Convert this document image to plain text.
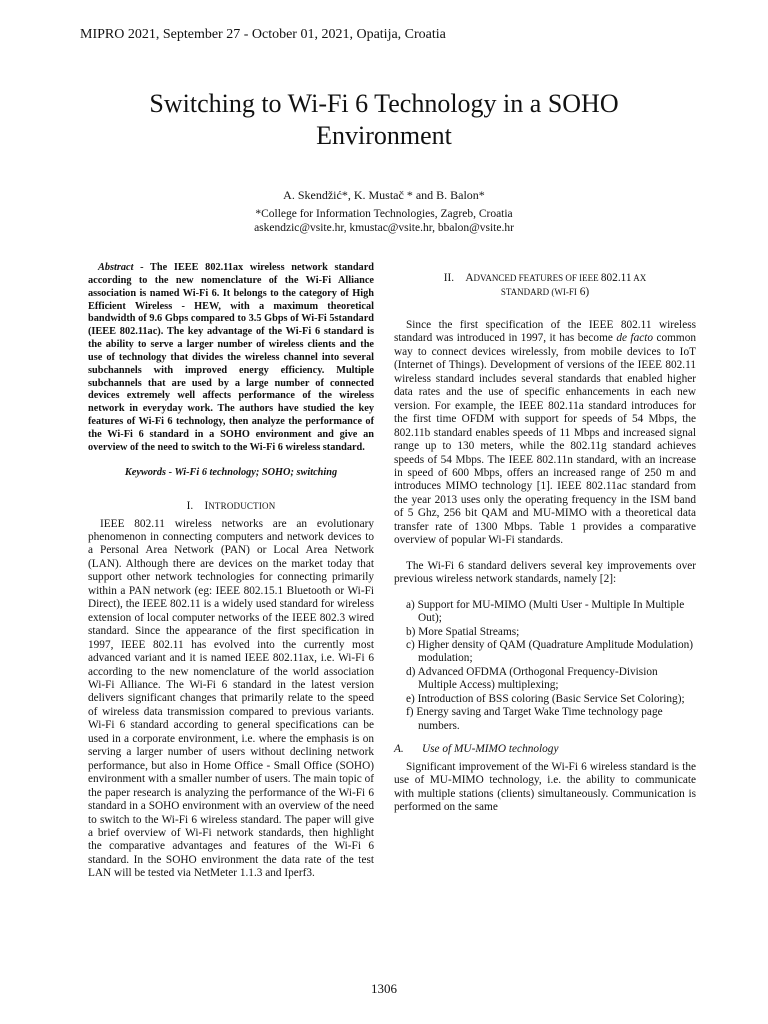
MIPRO 2021, September 27 - October 01, 2021, Opatija, Croatia
Switching to Wi-Fi 6 Technology in a SOHO
Environment
A. Skendžić*, K. Mustač * and B. Balon*
*College for Information Technologies, Zagreb, Croatia
askendzic@vsite.hr, kmustac@vsite.hr, bbalon@vsite.hr

Abstract - The IEEE 802.11ax wireless network standard according to the new nomenclature of the Wi-Fi Alliance association is named Wi-Fi 6. It belongs to the category of High Efficient Wireless - HEW, with a maximum theoretical bandwidth of 9.6 Gbps compared to 3.5 Gbps of Wi-Fi 5standard (IEEE 802.11ac). The key advantage of the Wi-Fi 6 standard is the ability to serve a larger number of wireless clients and the use of technology that divides the wireless channel into several subchannels with improved energy efficiency. Multiple subchannels that are used by a large number of connected devices extremely well affects performance of the wireless network in everyday work. The authors have studied the key features of Wi-Fi 6 technology, then analyze the performance of the Wi-Fi 6 standard in a SOHO environment and give an overview of the need to switch to the Wi-Fi 6 wireless standard.

Keywords - Wi-Fi 6 technology; SOHO; switching

I. INTRODUCTION

IEEE 802.11 wireless networks are an evolutionary phenomenon in connecting computers and network devices to a Personal Area Network (PAN) or Local Area Network (LAN). Although there are devices on the market today that support other network technologies for connecting primarily within a PAN network (eg: IEEE 802.15.1 Bluetooth or Wi-Fi Direct), the IEEE 802.11 is a widely used standard for wireless extension of local computer networks of the IEEE 802.3 wired standard. Since the appearance of the first specification in 1997, IEEE 802.11 has evolved into the currently most advanced variant and it is named IEEE 802.11ax, i.e. Wi-Fi 6 according to the new nomenclature of the world association Wi-Fi Alliance. The Wi-Fi 6 standard in the latest version delivers significant changes that primarily relate to the speed of wireless data transmission compared to previous variants. Wi-Fi 6 standard according to general specifications can be used in a corporate environment, i.e. where the emphasis is on serving a larger number of users without declining network performance, but also in Home Office - Small Office (SOHO) environment with a smaller number of users. The main topic of the paper research is analyzing the performance of the Wi-Fi 6 standard in a SOHO environment with an overview of the need to switch to the Wi-Fi 6 wireless standard. The paper will give a brief overview of Wi-Fi network standards, then highlight the comparative advantages and features of the Wi-Fi 6 standard. In the SOHO environment the data rate of the test LAN will be tested via NetMeter 1.1.3 and Iperf3.

II. ADVANCED FEATURES OF IEEE 802.11 AX
STANDARD (WI-FI 6)

Since the first specification of the IEEE 802.11 wireless standard was introduced in 1997, it has become de facto common way to connect devices wirelessly, from mobile devices to IoT (Internet of Things). Development of versions of the IEEE 802.11 wireless standard includes several standards that enabled higher data rates and the use of specific enhancements in each new version. For example, the IEEE 802.11a standard introduces for the first time OFDM with support for speeds of 54 Mbps, the 802.11b standard enables speeds of 11 Mbps and increased signal range up to 130 meters, while the 802.11g standard achieves speeds of 54 Mbps. The IEEE 802.11n standard, with an increase in speed of 600 Mbps, offers an increased range of 250 m and introduces MIMO technology [1]. IEEE 802.11ac standard from the year 2013 uses only the operating frequency in the ISM band of 5 Ghz, 256 bit QAM and MU-MIMO with a theoretical data transfer rate of 1300 Mbps. Table 1 provides a comparative overview of popular Wi-Fi standards.

The Wi-Fi 6 standard delivers several key improvements over previous wireless network standards, namely [2]:

a) Support for MU-MIMO (Multi User - Multiple In Multiple Out);
b) More Spatial Streams;
c) Higher density of QAM (Quadrature Amplitude Modulation) modulation;
d) Advanced OFDMA (Orthogonal Frequency-Division Multiple Access) multiplexing;
e) Introduction of BSS coloring (Basic Service Set Coloring);
f) Energy saving and Target Wake Time technology page numbers.
A. Use of MU-MIMO technology

Significant improvement of the Wi-Fi 6 wireless standard is the use of MU-MIMO technology, i.e. the ability to communicate with multiple stations (clients) simultaneously. Communication is performed on the same

1306
